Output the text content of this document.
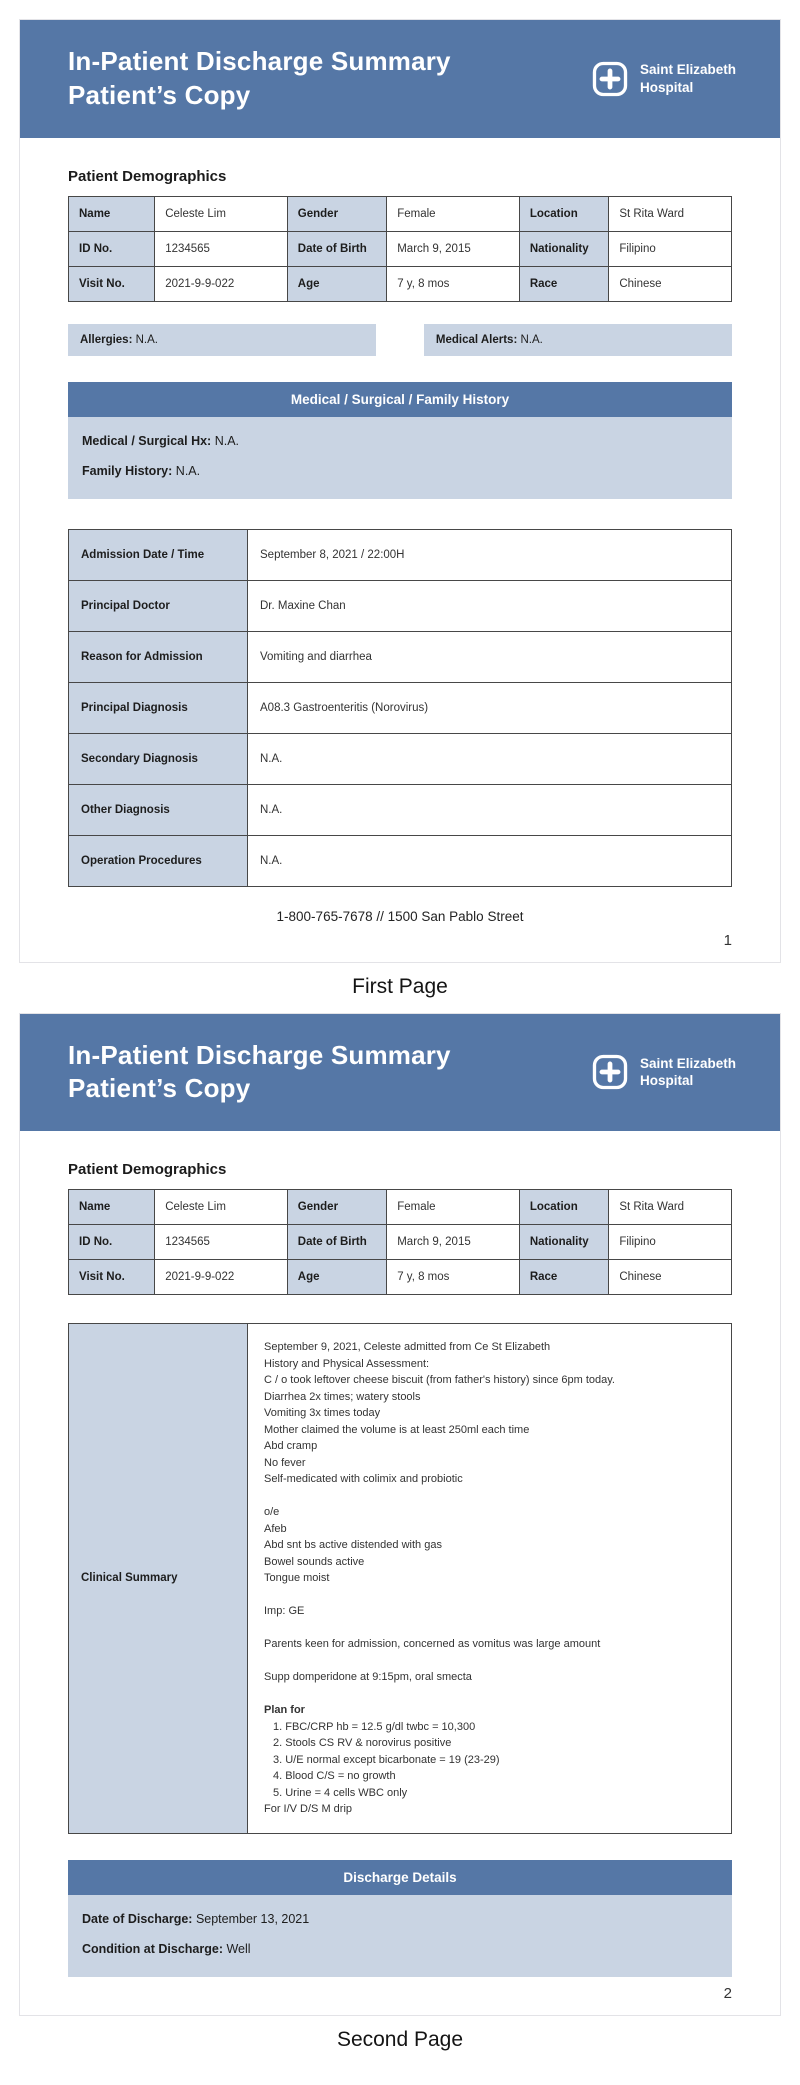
In-Patient Discharge Summary
Patient’s Copy
Saint Elizabeth
Hospital
Patient Demographics
Name	Celeste Lim	Gender	Female	Location	St Rita Ward
ID No.	1234565	Date of Birth	March 9, 2015	Nationality	Filipino
Visit No.	2021-9-9-022	Age	7 y, 8 mos	Race	Chinese
Allergies: N.A.	Medical Alerts: N.A.
Medical / Surgical / Family History

Medical / Surgical Hx: N.A.

Family History: N.A.

Admission Date / Time	September 8, 2021 / 22:00H
Principal Doctor	Dr. Maxine Chan
Reason for Admission	Vomiting and diarrhea
Principal Diagnosis	A08.3 Gastroenteritis (Norovirus)
Secondary Diagnosis	N.A.
Other Diagnosis	N.A.
Operation Procedures	N.A.
1-800-765-7678 // 1500 San Pablo Street
1
First Page
In-Patient Discharge Summary
Patient’s Copy
Saint Elizabeth
Hospital
Patient Demographics
Name	Celeste Lim	Gender	Female	Location	St Rita Ward
ID No.	1234565	Date of Birth	March 9, 2015	Nationality	Filipino
Visit No.	2021-9-9-022	Age	7 y, 8 mos	Race	Chinese
Clinical Summary	
September 9, 2021, Celeste admitted from Ce St Elizabeth
History and Physical Assessment:
C / o took leftover cheese biscuit (from father's history) since 6pm today.
Diarrhea 2x times; watery stools
Vomiting 3x times today
Mother claimed the volume is at least 250ml each time
Abd cramp
No fever
Self-medicated with colimix and probiotic
o/e
Afeb
Abd snt bs active distended with gas
Bowel sounds active
Tongue moist
Imp: GE
Parents keen for admission, concerned as vomitus was large amount
Supp domperidone at 9:15pm, oral smecta
Plan for
1. FBC/CRP hb = 12.5 g/dl twbc = 10,300
2. Stools CS RV & norovirus positive
3. U/E normal except bicarbonate = 19 (23-29)
4. Blood C/S = no growth
5. Urine = 4 cells WBC only
For I/V D/S M drip
Discharge Details

Date of Discharge: September 13, 2021

Condition at Discharge: Well

2
Second Page
